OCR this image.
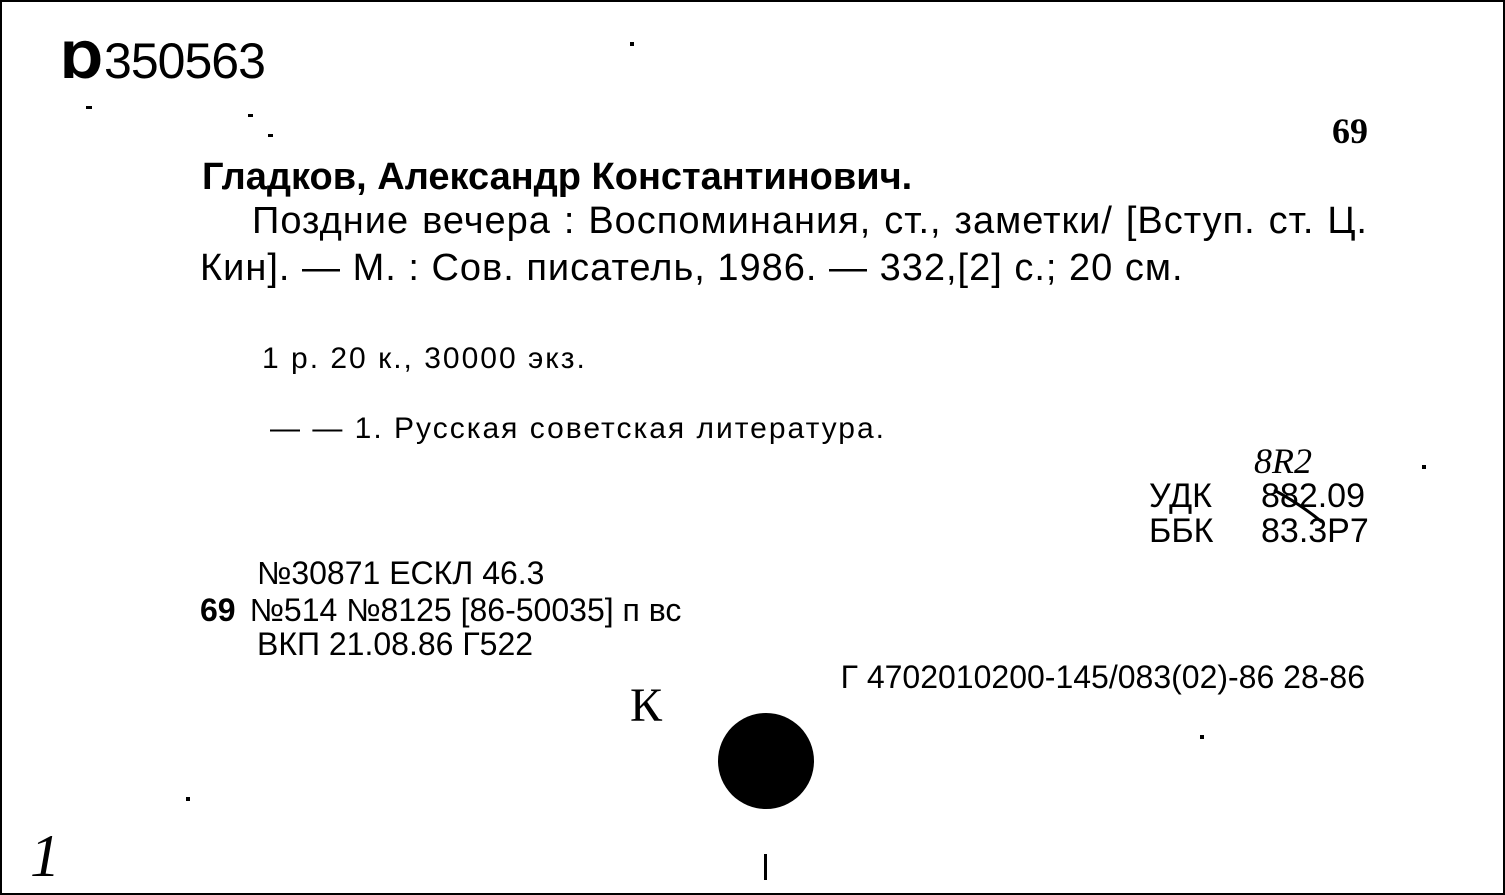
Ɒ350563
69
Гладков, Александр Константинович.
Поздние вечера : Воспоминания, ст., заметки/ [Вступ. ст. Ц. Кин]. — М. : Сов. писатель, 1986. — 332,[2] с.; 20 см.
1 р. 20 к., 30000 экз.
— — 1. Русская советская литература.
8R2
УДК 882.09
ББК 83.3Р7
№30871 ЕСКЛ 46.3
69 №514 №8125 [86-50035] п вс
ВКП 21.08.86 Г522
Г 4702010200-145/083(02)-86 28-86
К
1
